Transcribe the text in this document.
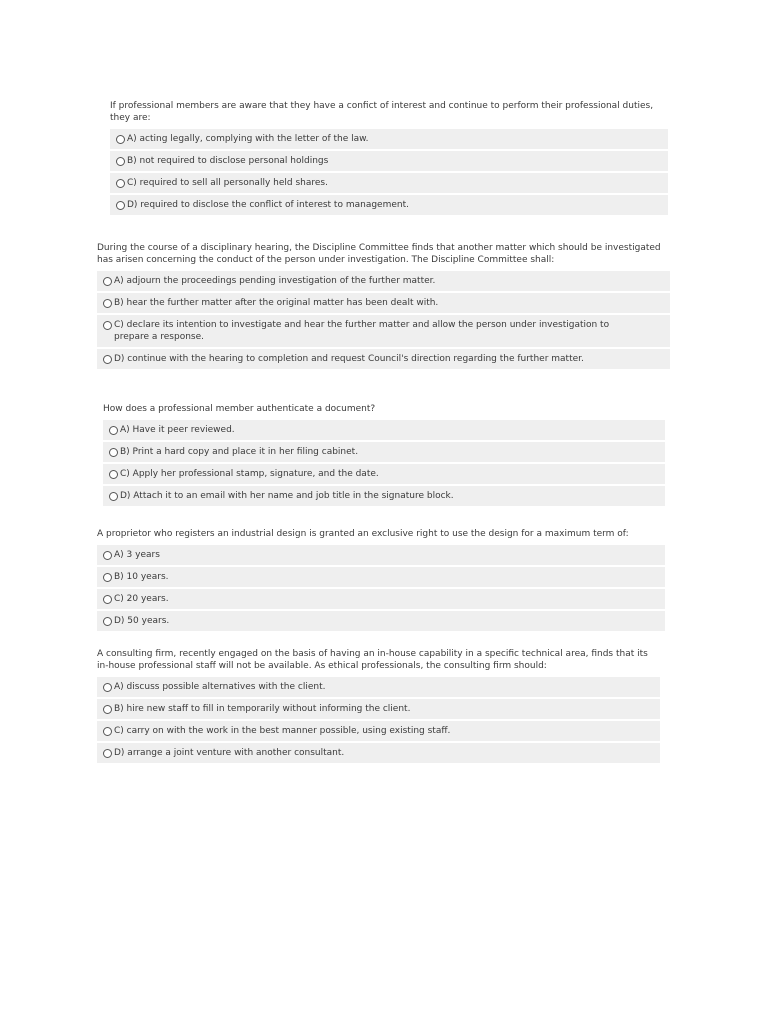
If professional members are aware that they have a confict of interest and continue to perform their professional duties, they are:

A) acting legally, complying with the letter of the law.
B) not required to disclose personal holdings
C) required to sell all personally held shares.
D) required to disclose the conflict of interest to management.

During the course of a disciplinary hearing, the Discipline Committee finds that another matter which should be investigated has arisen concerning the conduct of the person under investigation. The Discipline Committee shall:

A) adjourn the proceedings pending investigation of the further matter.
B) hear the further matter after the original matter has been dealt with.
C) declare its intention to investigate and hear the further matter and allow the person under investigation to prepare a response.
D) continue with the hearing to completion and request Council's direction regarding the further matter.

How does a professional member authenticate a document?

A) Have it peer reviewed.
B) Print a hard copy and place it in her filing cabinet.
C) Apply her professional stamp, signature, and the date.
D) Attach it to an email with her name and job title in the signature block.

A proprietor who registers an industrial design is granted an exclusive right to use the design for a maximum term of:

A) 3 years
B) 10 years.
C) 20 years.
D) 50 years.

A consulting firm, recently engaged on the basis of having an in-house capability in a specific technical area, finds that its in-house professional staff will not be available. As ethical professionals, the consulting firm should:

A) discuss possible alternatives with the client.
B) hire new staff to fill in temporarily without informing the client.
C) carry on with the work in the best manner possible, using existing staff.
D) arrange a joint venture with another consultant.
